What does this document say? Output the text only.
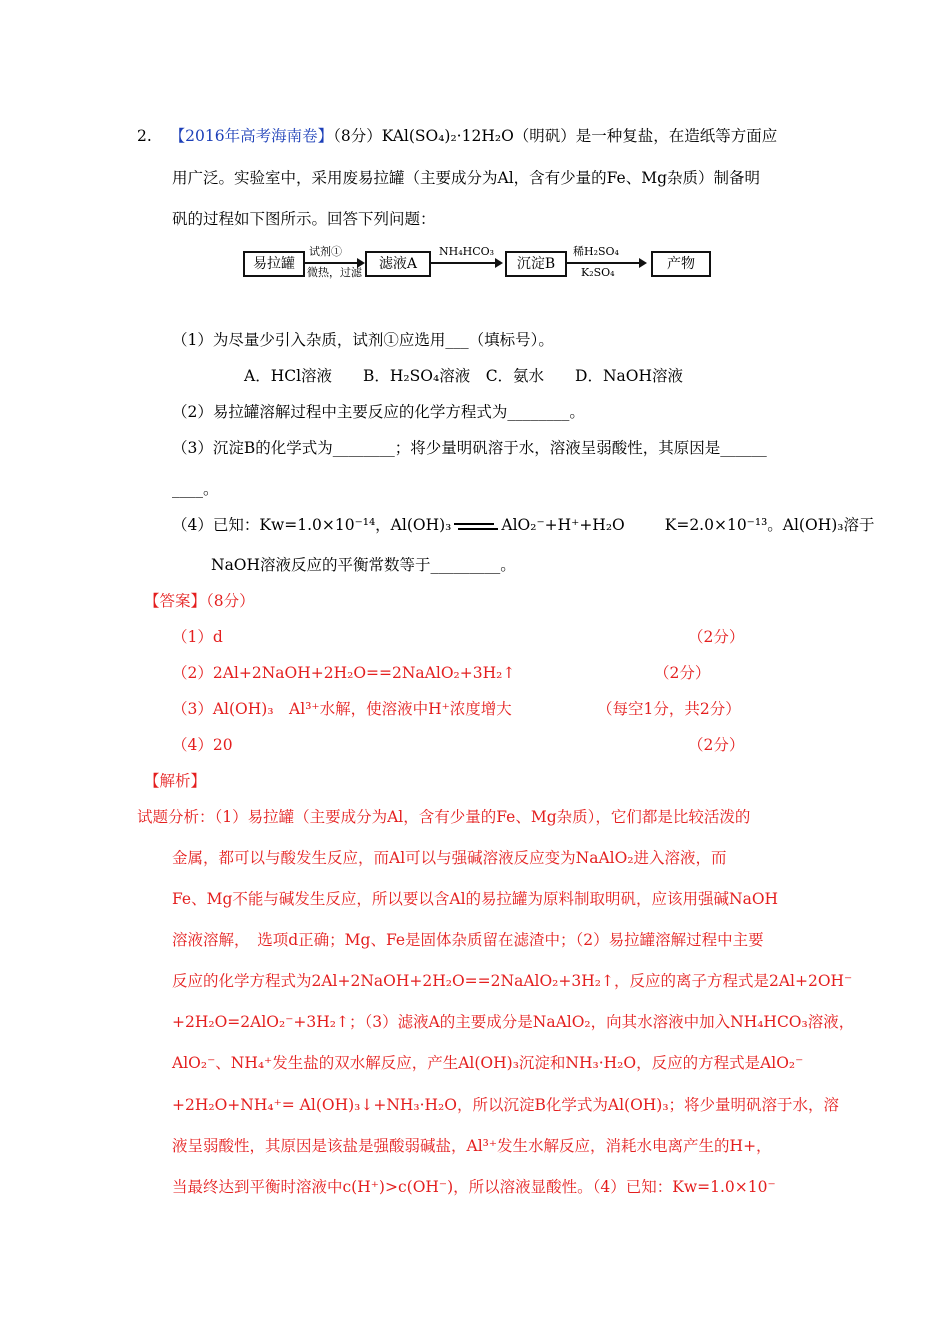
2. 【2016年高考海南卷】（8分）KAl(SO₄)₂·12H₂O（明矾）是一种复盐，在造纸等方面应
用广泛。实验室中，采用废易拉罐（主要成分为Al，含有少量的Fe、Mg杂质）制备明
矾的过程如下图所示。回答下列问题：
易拉罐
试剂①
微热，过滤
滤液A
NH₄HCO₃
沉淀B
稀H₂SO₄
K₂SO₄
产物
（1）为尽量少引入杂质，试剂①应选用___（填标号）。
A．HCl溶液　　B．H₂SO₄溶液　C．氨水　　D．NaOH溶液
（2）易拉罐溶解过程中主要反应的化学方程式为________。
（3）沉淀B的化学式为________；将少量明矾溶于水，溶液呈弱酸性，其原因是______
____。
（4）已知：Kw=1.0×10⁻¹⁴，Al(OH)₃	AlO₂⁻+H⁺+H₂O	K=2.0×10⁻¹³。Al(OH)₃溶于
NaOH溶液反应的平衡常数等于_________。
【答案】（8分）
（1）d	（2分）
（2）2Al+2NaOH+2H₂O==2NaAlO₂+3H₂↑	（2分）
（3）Al(OH)₃　Al³⁺水解，使溶液中H⁺浓度增大	（每空1分，共2分）
（4）20	（2分）
【解析】
试题分析：（1）易拉罐（主要成分为Al，含有少量的Fe、Mg杂质），它们都是比较活泼的
金属，都可以与酸发生反应，而Al可以与强碱溶液反应变为NaAlO₂进入溶液，而
Fe、Mg不能与碱发生反应，所以要以含Al的易拉罐为原料制取明矾，应该用强碱NaOH
溶液溶解，　选项d正确；Mg、Fe是固体杂质留在滤渣中；（2）易拉罐溶解过程中主要
反应的化学方程式为2Al+2NaOH+2H₂O==2NaAlO₂+3H₂↑，反应的离子方程式是2Al+2OH⁻
+2H₂O=2AlO₂⁻+3H₂↑；（3）滤液A的主要成分是NaAlO₂，向其水溶液中加入NH₄HCO₃溶液，
AlO₂⁻、NH₄⁺发生盐的双水解反应，产生Al(OH)₃沉淀和NH₃·H₂O，反应的方程式是AlO₂⁻
+2H₂O+NH₄⁺= Al(OH)₃↓+NH₃·H₂O，所以沉淀B化学式为Al(OH)₃；将少量明矾溶于水，溶
液呈弱酸性，其原因是该盐是强酸弱碱盐，Al³⁺发生水解反应，消耗水电离产生的H+，
当最终达到平衡时溶液中c(H⁺)>c(OH⁻)，所以溶液显酸性。（4）已知：Kw=1.0×10⁻
